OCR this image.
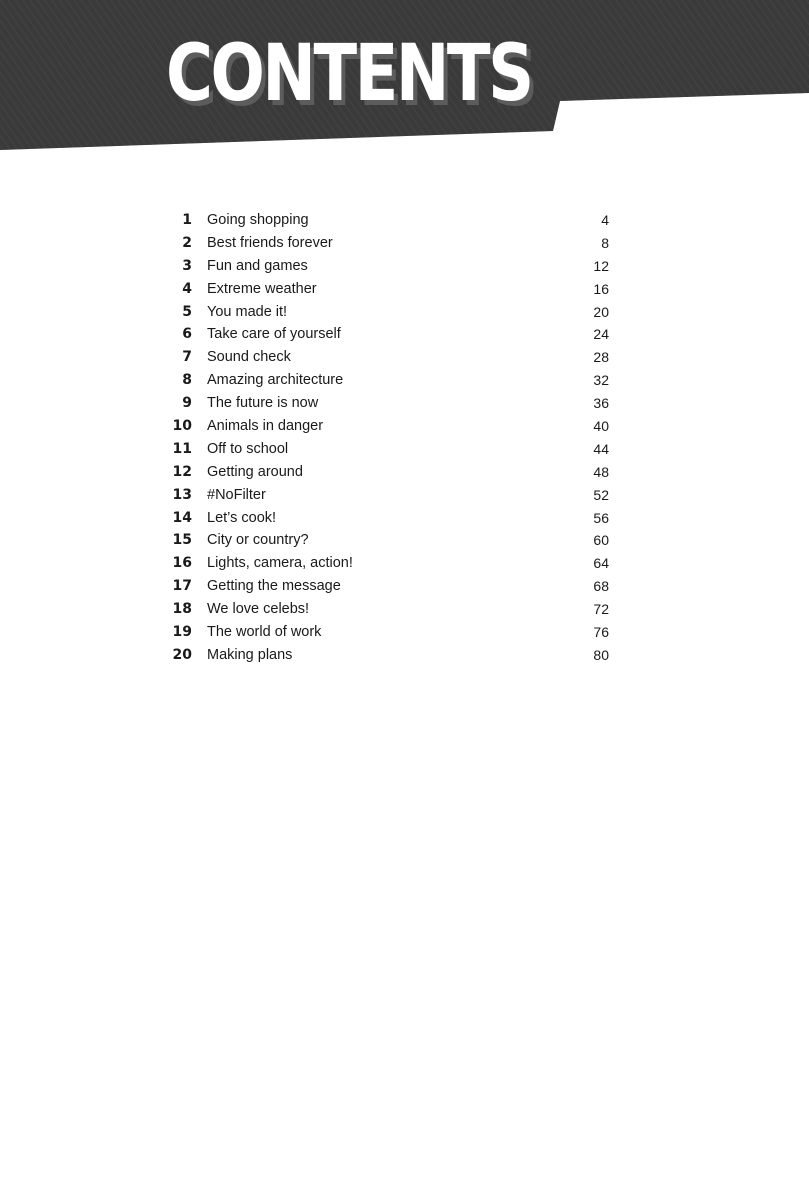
CONTENTS
1 Going shopping	4
2 Best friends forever	8
3 Fun and games	12
4 Extreme weather	16
5 You made it!	20
6 Take care of yourself	24
7 Sound check	28
8 Amazing architecture	32
9 The future is now	36
10 Animals in danger	40
11 Off to school	44
12 Getting around	48
13 #NoFilter	52
14 Let’s cook!	56
15 City or country?	60
16 Lights, camera, action!	64
17 Getting the message	68
18 We love celebs!	72
19 The world of work	76
20 Making plans	80
